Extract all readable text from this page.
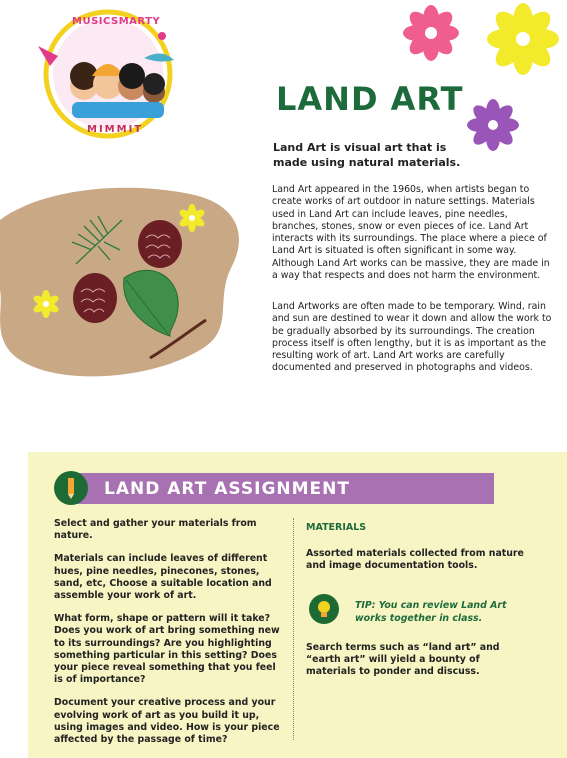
MUSICSMARTY
MIMMIT
LAND ART
Land Art is visual art that is made using natural materials.
Land Art appeared in the 1960s, when artists began to create works of art outdoor in nature settings. Materials used in Land Art can include leaves, pine needles, branches, stones, snow or even pieces of ice. Land Art interacts with its surroundings. The place where a piece of Land Art is situated is often significant in some way. Although Land Art works can be massive, they are made in a way that respects and does not harm the environment.
Land Artworks are often made to be temporary. Wind, rain and sun are destined to wear it down and allow the work to be gradually absorbed by its surroundings. The creation process itself is often lengthy, but it is as important as the resulting work of art. Land Art works are carefully documented and preserved in photographs and videos.
LAND ART ASSIGNMENT

Select and gather your materials from nature.

Materials can include leaves of different hues, pine needles, pinecones, stones, sand, etc, Choose a suitable location and assemble your work of art.

What form, shape or pattern will it take? Does you work of art bring something new to its surroundings? Are you highlighting something particular in this setting? Does your piece reveal something that you feel is of importance?

Document your creative process and your evolving work of art as you build it up, using images and video. How is your piece affected by the passage of time?

MATERIALS
Assorted materials collected from nature and image documentation tools.
TIP: You can review Land Art works together in class.
Search terms such as “land art” and “earth art” will yield a bounty of materials to ponder and discuss.
